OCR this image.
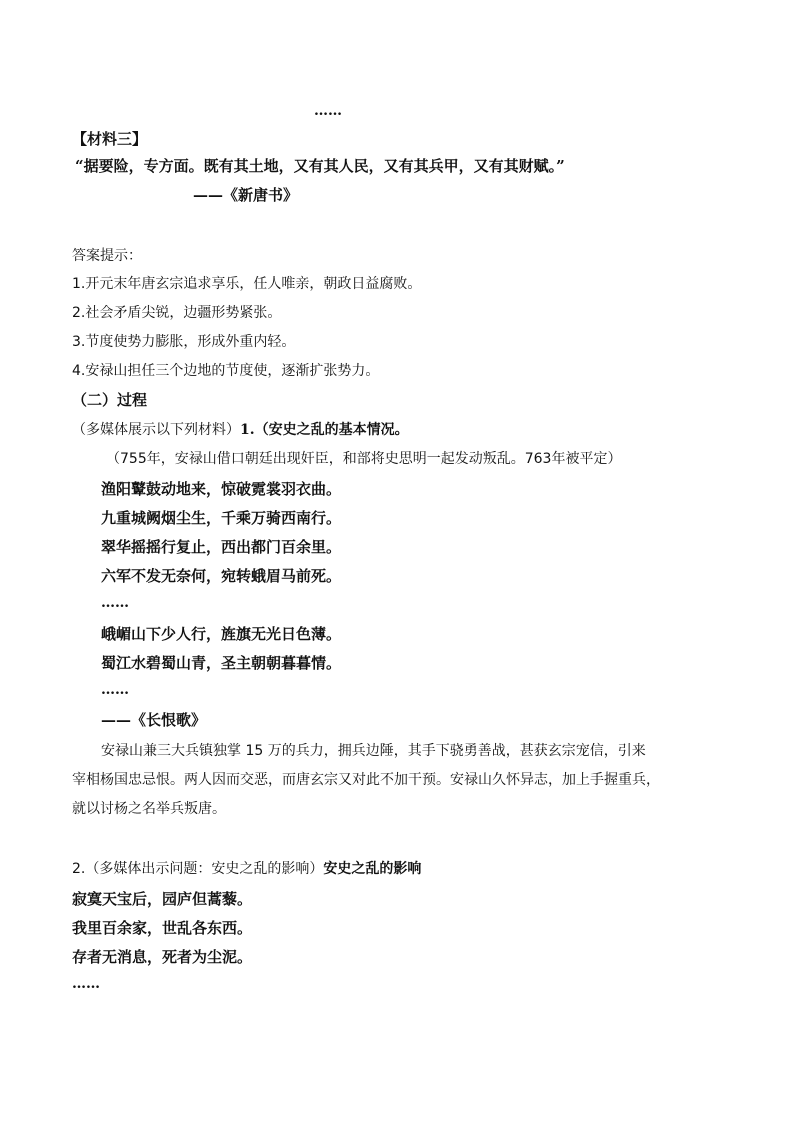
……
【材料三】
“据要险，专方面。既有其土地，又有其人民，又有其兵甲，又有其财赋。”
——《新唐书》
答案提示：
1.开元末年唐玄宗追求享乐，任人唯亲，朝政日益腐败。
2.社会矛盾尖锐，边疆形势紧张。
3.节度使势力膨胀，形成外重内轻。
4.安禄山担任三个边地的节度使，逐渐扩张势力。
（二）过程
（多媒体展示以下列材料）1.（安史之乱的基本情况。
（755年，安禄山借口朝廷出现奸臣，和部将史思明一起发动叛乱。763年被平定）
渔阳鼙鼓动地来，惊破霓裳羽衣曲。
九重城阙烟尘生，千乘万骑西南行。
翠华摇摇行复止，西出都门百余里。
六军不发无奈何，宛转蛾眉马前死。
……
峨嵋山下少人行，旌旗无光日色薄。
蜀江水碧蜀山青，圣主朝朝暮暮情。
……
——《长恨歌》
安禄山兼三大兵镇独掌 15 万的兵力，拥兵边陲，其手下骁勇善战，甚获玄宗宠信，引来
宰相杨国忠忌恨。两人因而交恶，而唐玄宗又对此不加干预。安禄山久怀异志，加上手握重兵，
就以讨杨之名举兵叛唐。
2.（多媒体出示问题：安史之乱的影响）安史之乱的影响
寂寞天宝后，园庐但蒿藜。
我里百余家，世乱各东西。
存者无消息，死者为尘泥。
……
